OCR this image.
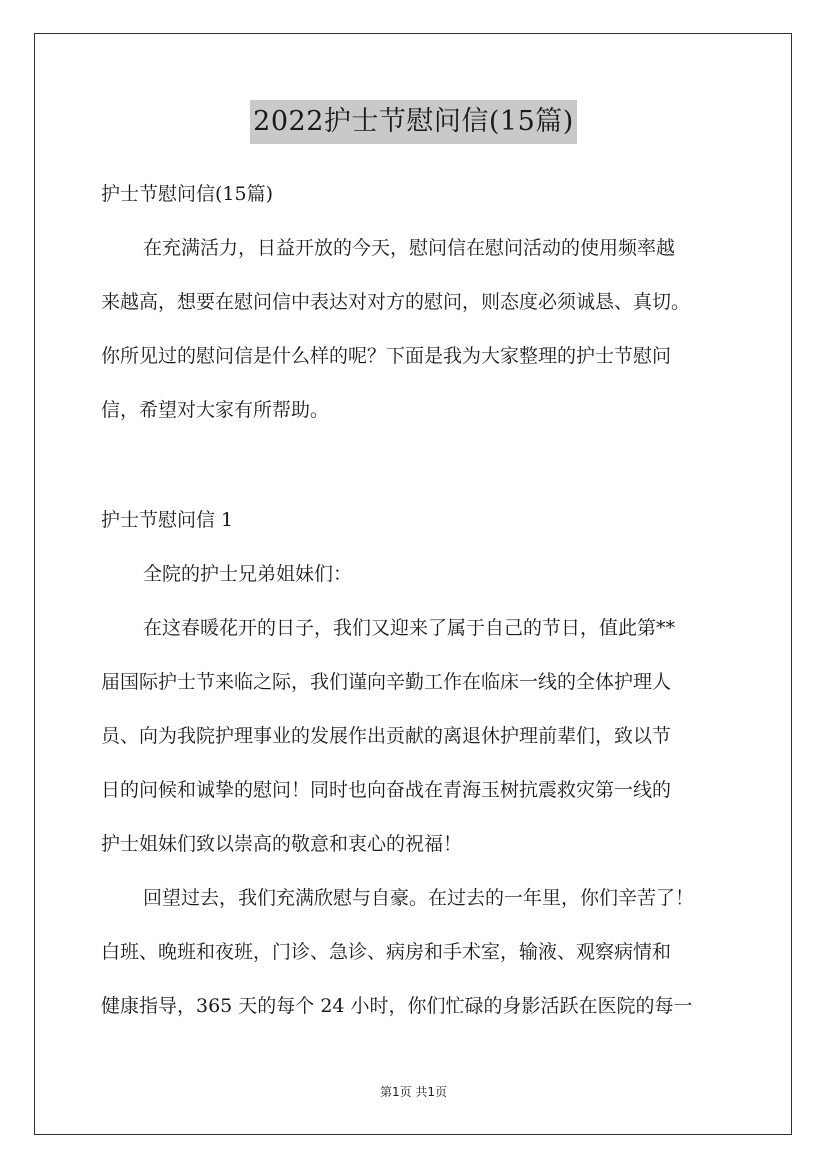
2022护士节慰问信(15篇)
护士节慰问信(15篇)
在充满活力，日益开放的今天，慰问信在慰问活动的使用频率越
来越高，想要在慰问信中表达对对方的慰问，则态度必须诚恳、真切。
你所见过的慰问信是什么样的呢？下面是我为大家整理的护士节慰问
信，希望对大家有所帮助。
护士节慰问信 1
全院的护士兄弟姐妹们：
在这春暖花开的日子，我们又迎来了属于自己的节日，值此第**
届国际护士节来临之际，我们谨向辛勤工作在临床一线的全体护理人
员、向为我院护理事业的发展作出贡献的离退休护理前辈们，致以节
日的问候和诚挚的慰问！同时也向奋战在青海玉树抗震救灾第一线的
护士姐妹们致以崇高的敬意和衷心的祝福！
回望过去，我们充满欣慰与自豪。在过去的一年里，你们辛苦了！
白班、晚班和夜班，门诊、急诊、病房和手术室，输液、观察病情和
健康指导，365 天的每个 24 小时，你们忙碌的身影活跃在医院的每一
第1页 共1页
